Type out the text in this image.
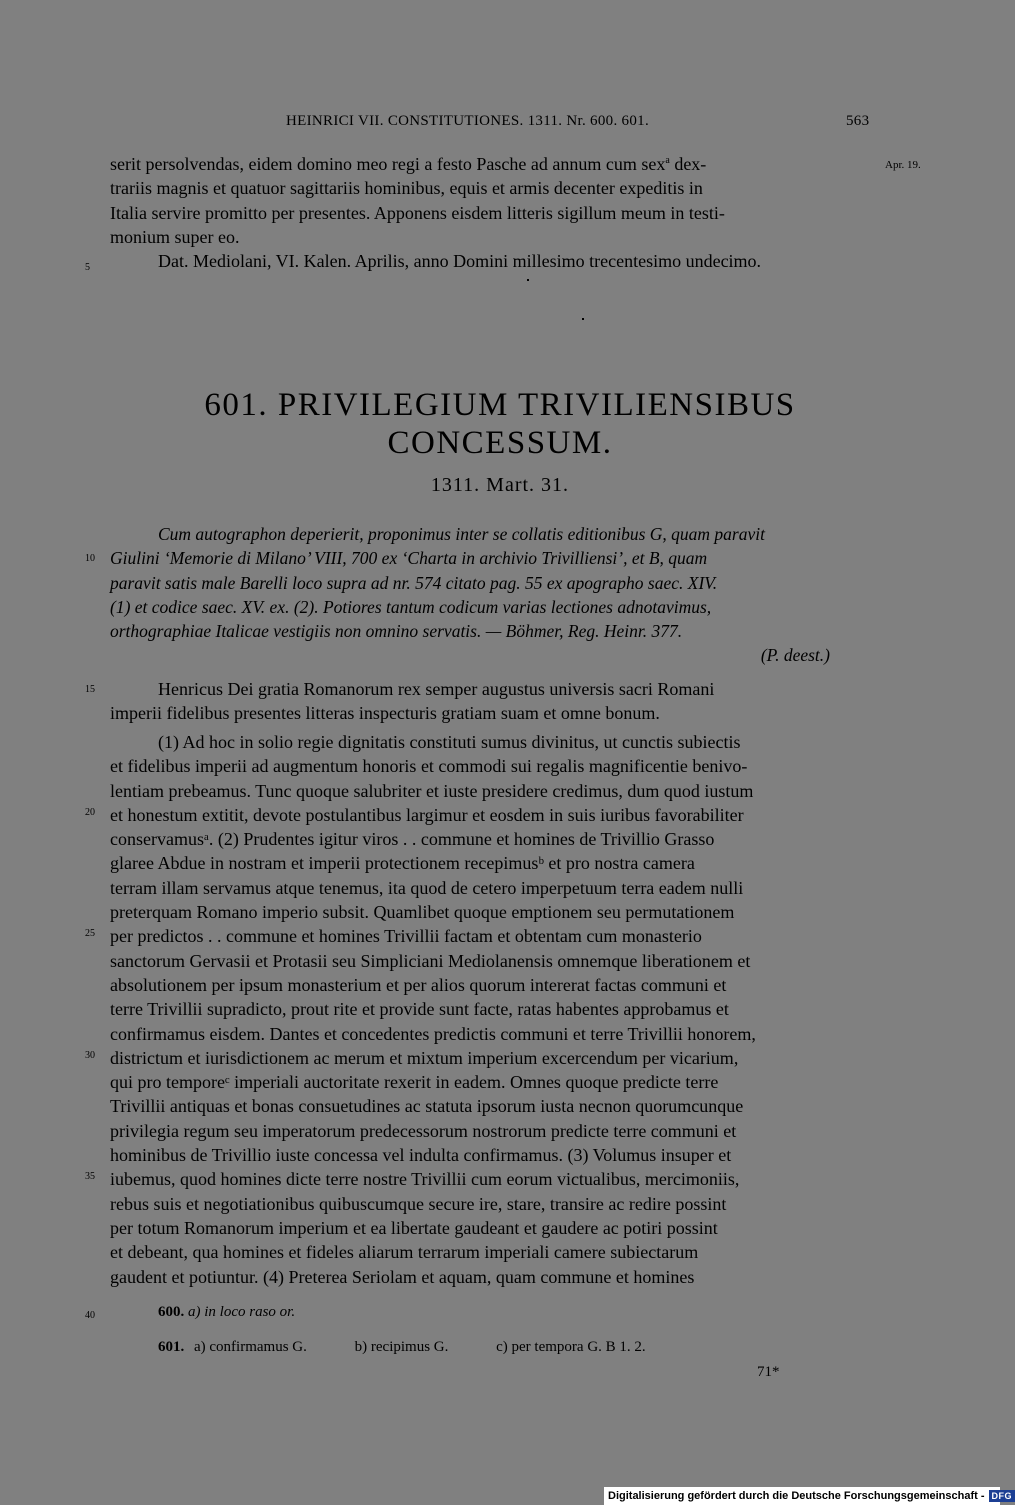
HEINRICI VII. CONSTITUTIONES. 1311. Nr. 600. 601.	563
Apr. 19.

serit persolvendas, eidem domino meo regi a festo Pasche ad annum cum sex$^a$ dex-

trariis magnis et quatuor sagittariis hominibus, equis et armis decenter expeditis in

Italia servire promitto per presentes. Apponens eisdem litteris sigillum meum in testi-

monium super eo.

Dat. Mediolani, VI. Kalen. Aprilis, anno Domini millesimo trecentesimo undecimo.

5
10
15
20
25
30
35
40
601. PRIVILEGIUM TRIVILIENSIBUS
CONCESSUM.
1311. Mart. 31.

Cum autographon deperierit, proponimus inter se collatis editionibus G, quam paravit

Giulini ‘Memorie di Milano’ VIII, 700 ex ‘Charta in archivio Trivilliensi’, et B, quam

paravit satis male Barelli loco supra ad nr. 574 citato pag. 55 ex apographo saec. XIV.

(1) et codice saec. XV. ex. (2). Potiores tantum codicum varias lectiones adnotavimus,

orthographiae Italicae vestigiis non omnino servatis. — Böhmer, Reg. Heinr. 377.

(P. deest.)

Henricus Dei gratia Romanorum rex semper augustus universis sacri Romani

imperii fidelibus presentes litteras inspecturis gratiam suam et omne bonum.

(1) Ad hoc in solio regie dignitatis constituti sumus divinitus, ut cunctis subiectis

et fidelibus imperii ad augmentum honoris et commodi sui regalis magnificentie benivo-

lentiam prebeamus. Tunc quoque salubriter et iuste presidere credimus, dum quod iustum

et honestum extitit, devote postulantibus largimur et eosdem in suis iuribus favorabiliter

conservamusᵃ. (2) Prudentes igitur viros . . commune et homines de Trivillio Grasso

glaree Abdue in nostram et imperii protectionem recepimusᵇ et pro nostra camera

terram illam servamus atque tenemus, ita quod de cetero imperpetuum terra eadem nulli

preterquam Romano imperio subsit. Quamlibet quoque emptionem seu permutationem

per predictos . . commune et homines Trivillii factam et obtentam cum monasterio

sanctorum Gervasii et Protasii seu Simpliciani Mediolanensis omnemque liberationem et

absolutionem per ipsum monasterium et per alios quorum intererat factas communi et

terre Trivillii supradicto, prout rite et provide sunt facte, ratas habentes approbamus et

confirmamus eisdem. Dantes et concedentes predictis communi et terre Trivillii honorem,

districtum et iurisdictionem ac merum et mixtum imperium excercendum per vicarium,

qui pro temporeᶜ imperiali auctoritate rexerit in eadem. Omnes quoque predicte terre

Trivillii antiquas et bonas consuetudines ac statuta ipsorum iusta necnon quorumcunque

privilegia regum seu imperatorum predecessorum nostrorum predicte terre communi et

hominibus de Trivillio iuste concessa vel indulta confirmamus. (3) Volumus insuper et

iubemus, quod homines dicte terre nostre Trivillii cum eorum victualibus, mercimoniis,

rebus suis et negotiationibus quibuscumque secure ire, stare, transire ac redire possint

per totum Romanorum imperium et ea libertate gaudeant et gaudere ac potiri possint

et debeant, qua homines et fideles aliarum terrarum imperiali camere subiectarum

gaudent et potiuntur. (4) Preterea Seriolam et aquam, quam commune et homines

600. a) in loco raso or.
601. a) confirmamus G.	b) recipimus G.	c) per tempora G. B 1. 2.
71*
Digitalisierung gefördert durch die Deutsche Forschungsgemeinschaft - DFG
